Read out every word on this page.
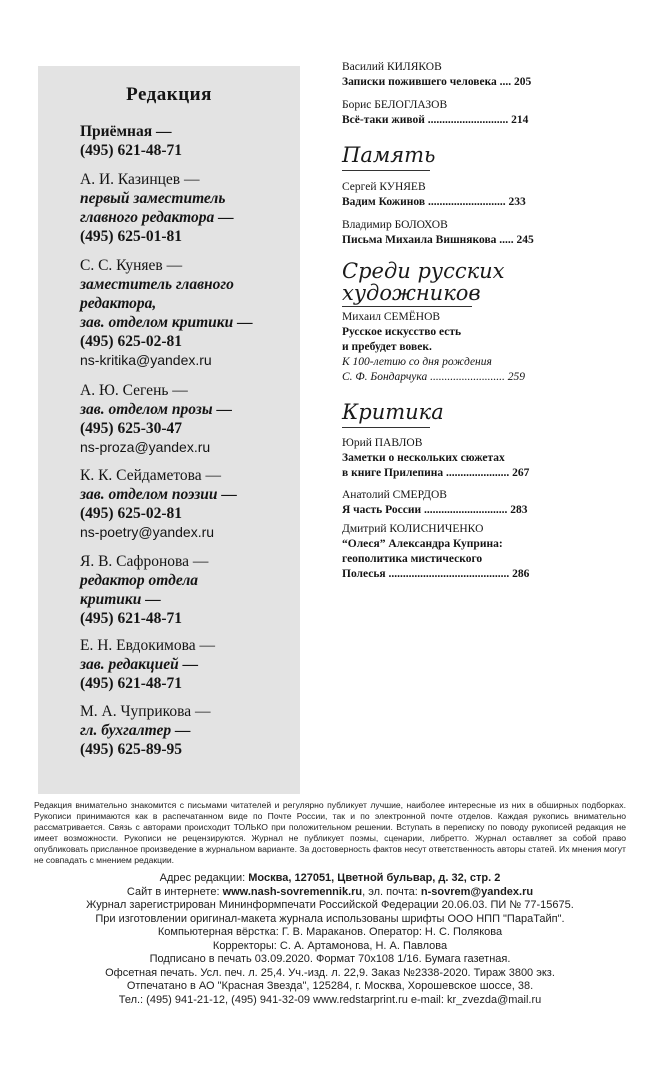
Редакция
Приёмная —
(495) 621-48-71
А. И. Казинцев —
первый заместитель
главного редактора —
(495) 625-01-81
С. С. Куняев —
заместитель главного
редактора,
зав. отделом критики —
(495) 625-02-81
ns-kritika@yandex.ru
А. Ю. Сегень —
зав. отделом прозы —
(495) 625-30-47
ns-proza@yandex.ru
К. К. Сейдаметова —
зав. отделом поэзии —
(495) 625-02-81
ns-poetry@yandex.ru
Я. В. Сафронова —
редактор отдела
критики —
(495) 621-48-71
Е. Н. Евдокимова —
зав. редакцией —
(495) 621-48-71
М. А. Чуприкова —
гл. бухгалтер —
(495) 625-89-95
Василий КИЛЯКОВ
Записки пожившего человека .... 205
Борис БЕЛОГЛАЗОВ
Всё-таки живой ............................ 214
Память
Сергей КУНЯЕВ
Вадим Кожинов ........................... 233
Владимир БОЛОХОВ
Письма Михаила Вишнякова ..... 245
Среди русских
художников
Михаил СЕМЁНОВ
Русское искусство есть
и пребудет вовек.
К 100-летию со дня рождения
С. Ф. Бондарчука .......................... 259
Критика
Юрий ПАВЛОВ
Заметки о нескольких сюжетах
в книге Прилепина ...................... 267
Анатолий СМЕРДОВ
Я часть России ............................. 283
Дмитрий КОЛИСНИЧЕНКО
“Олеся” Александра Куприна:
геополитика мистического
Полесья .......................................... 286
Редакция внимательно знакомится с письмами читателей и регулярно публикует лучшие, наиболее интересные из них в обширных подборках. Рукописи принимаются как в распечатанном виде по Почте России, так и по электронной почте отделов. Каждая рукопись внимательно рассматривается. Связь с авторами происходит ТОЛЬКО при положительном решении. Вступать в переписку по поводу рукописей редакция не имеет возможности. Рукописи не рецензируются. Журнал не публикует поэмы, сценарии, либретто. Журнал оставляет за собой право опубликовать присланное произведение в журнальном варианте. За достоверность фактов несут ответственность авторы статей. Их мнения могут не совпадать с мнением редакции.
Адрес редакции: Москва, 127051, Цветной бульвар, д. 32, стр. 2
Сайт в интернете: www.nash-sovremennik.ru, эл. почта: n-sovrem@yandex.ru
Журнал зарегистрирован Мининформпечати Российской Федерации 20.06.03. ПИ № 77-15675.
При изготовлении оригинал-макета журнала использованы шрифты ООО НПП "ПараТайп".
Компьютерная вёрстка: Г. В. Мараканов. Оператор: Н. С. Полякова
Корректоры: С. А. Артамонова, Н. А. Павлова
Подписано в печать 03.09.2020. Формат 70х108 1/16. Бумага газетная.
Офсетная печать. Усл. печ. л. 25,4. Уч.-изд. л. 22,9. Заказ №2338-2020. Тираж 3800 экз.
Отпечатано в АО "Красная Звезда", 125284, г. Москва, Хорошевское шоссе, 38.
Тел.: (495) 941-21-12, (495) 941-32-09 www.redstarprint.ru e-mail: kr_zvezda@mail.ru
